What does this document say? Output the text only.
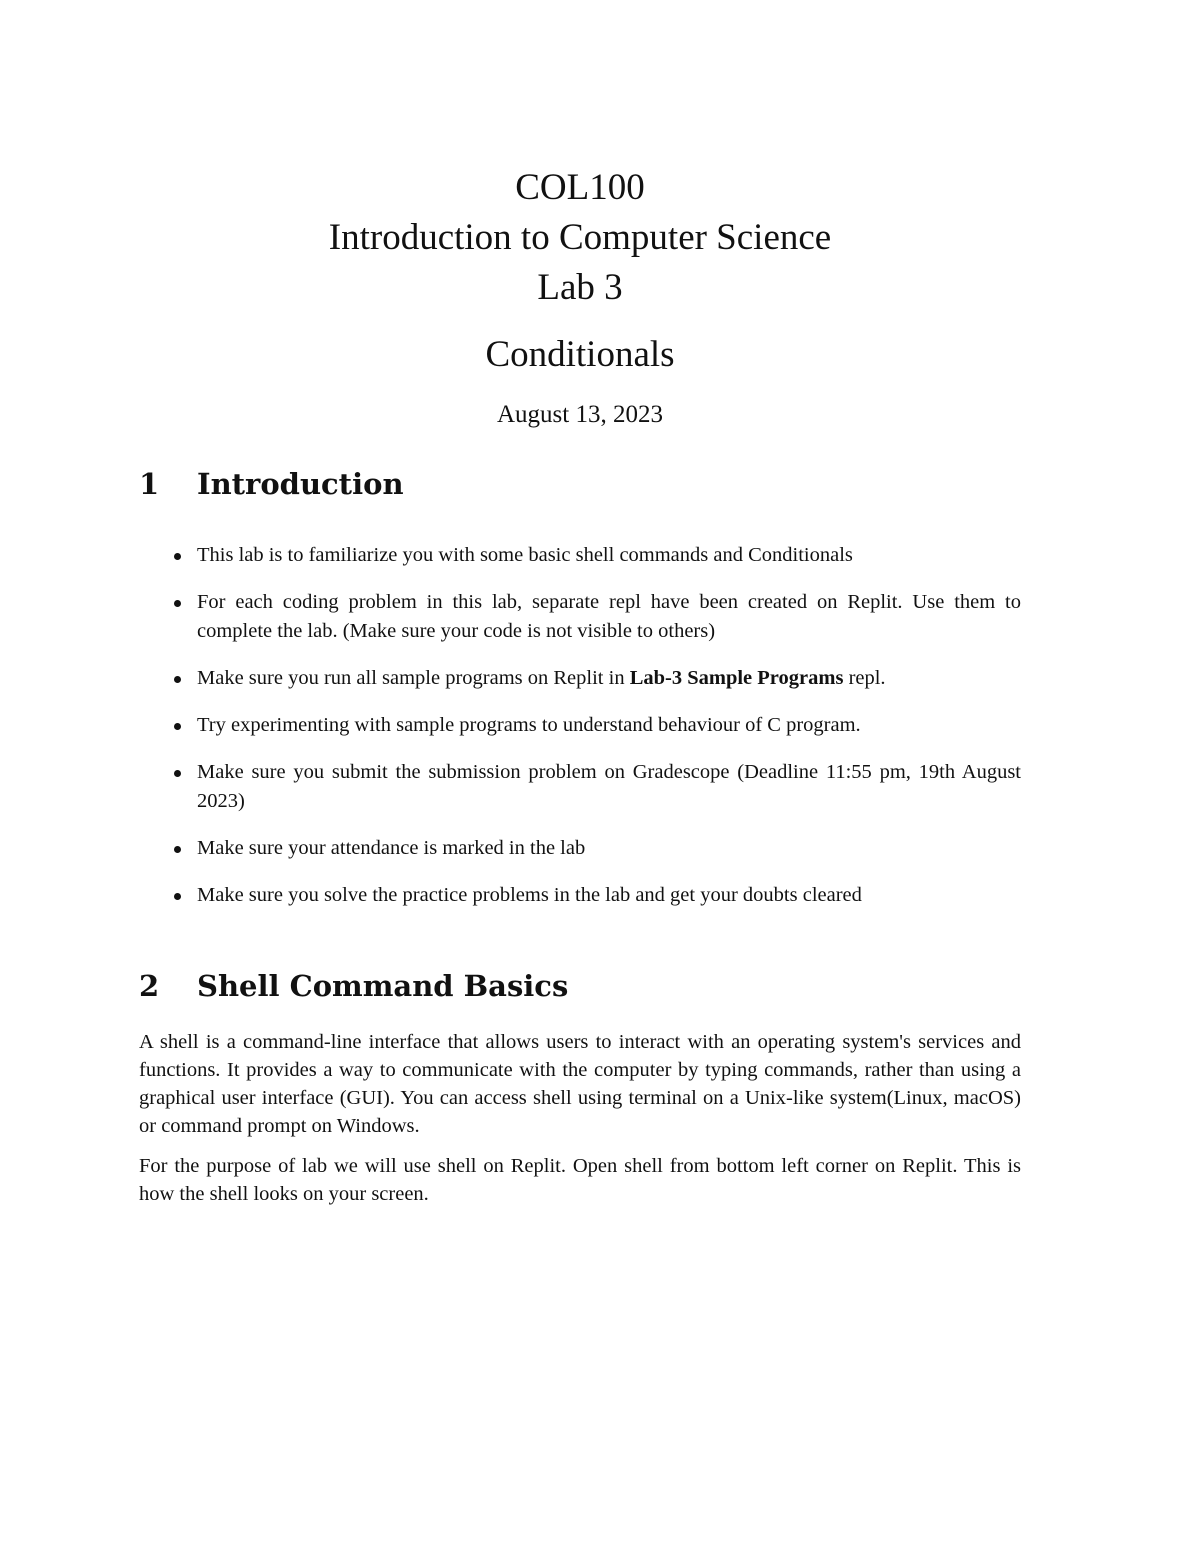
COL100
Introduction to Computer Science
Lab 3
Conditionals
August 13, 2023
1	Introduction
This lab is to familiarize you with some basic shell commands and Conditionals
For each coding problem in this lab, separate repl have been created on Replit. Use them to complete the lab. (Make sure your code is not visible to others)
Make sure you run all sample programs on Replit in Lab-3 Sample Programs repl.
Try experimenting with sample programs to understand behaviour of C program.
Make sure you submit the submission problem on Gradescope (Deadline 11:55 pm, 19th August 2023)
Make sure your attendance is marked in the lab
Make sure you solve the practice problems in the lab and get your doubts cleared
2	Shell Command Basics

A shell is a command-line interface that allows users to interact with an operating system's services and functions. It provides a way to communicate with the computer by typing commands, rather than using a graphical user interface (GUI). You can access shell using terminal on a Unix-like system(Linux, macOS) or command prompt on Windows.

For the purpose of lab we will use shell on Replit. Open shell from bottom left corner on Replit. This is how the shell looks on your screen.
